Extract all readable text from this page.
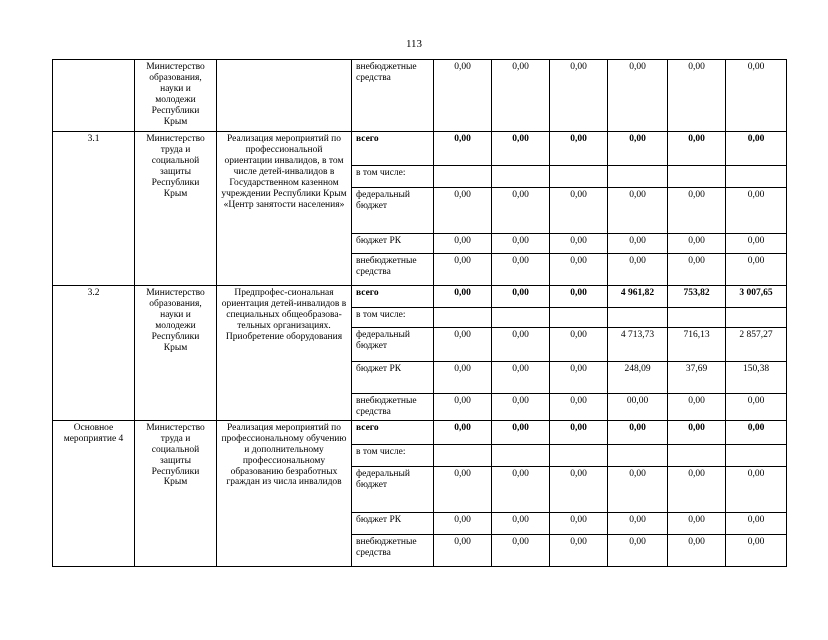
113
	Министерство образования, науки и молодежи Республики Крым		внебюджетные средства	0,00	0,00	0,00	0,00	0,00	0,00
3.1	Министерство труда и социальной защиты Республики Крым	Реализация мероприятий по профессиональной ориентации инвалидов, в том числе детей-инвалидов в Государственном казенном учреждении Республики Крым «Центр занятости населения»	всего	0,00	0,00	0,00	0,00	0,00	0,00
			в том числе:						
			федеральный бюджет	0,00	0,00	0,00	0,00	0,00	0,00
			бюджет РК	0,00	0,00	0,00	0,00	0,00	0,00
			внебюджетные средства	0,00	0,00	0,00	0,00	0,00	0,00
3.2	Министерство образования, науки и молодежи Республики Крым	Предпрофес-сиональная ориентация детей-инвалидов в специальных общеобразова-тельных организациях. Приобретение оборудования	всего	0,00	0,00	0,00	4 961,82	753,82	3 007,65
			в том числе:						
			федеральный бюджет	0,00	0,00	0,00	4 713,73	716,13	2 857,27
			бюджет РК	0,00	0,00	0,00	248,09	37,69	150,38
			внебюджетные средства	0,00	0,00	0,00	00,00	0,00	0,00
Основное мероприятие 4	Министерство труда и социальной защиты Республики Крым	Реализация мероприятий по профессиональному обучению и дополнительному профессиональному образованию безработных граждан из числа инвалидов	всего	0,00	0,00	0,00	0,00	0,00	0,00
			в том числе:						
			федеральный бюджет	0,00	0,00	0,00	0,00	0,00	0,00
			бюджет РК	0,00	0,00	0,00	0,00	0,00	0,00
			внебюджетные средства	0,00	0,00	0,00	0,00	0,00	0,00
